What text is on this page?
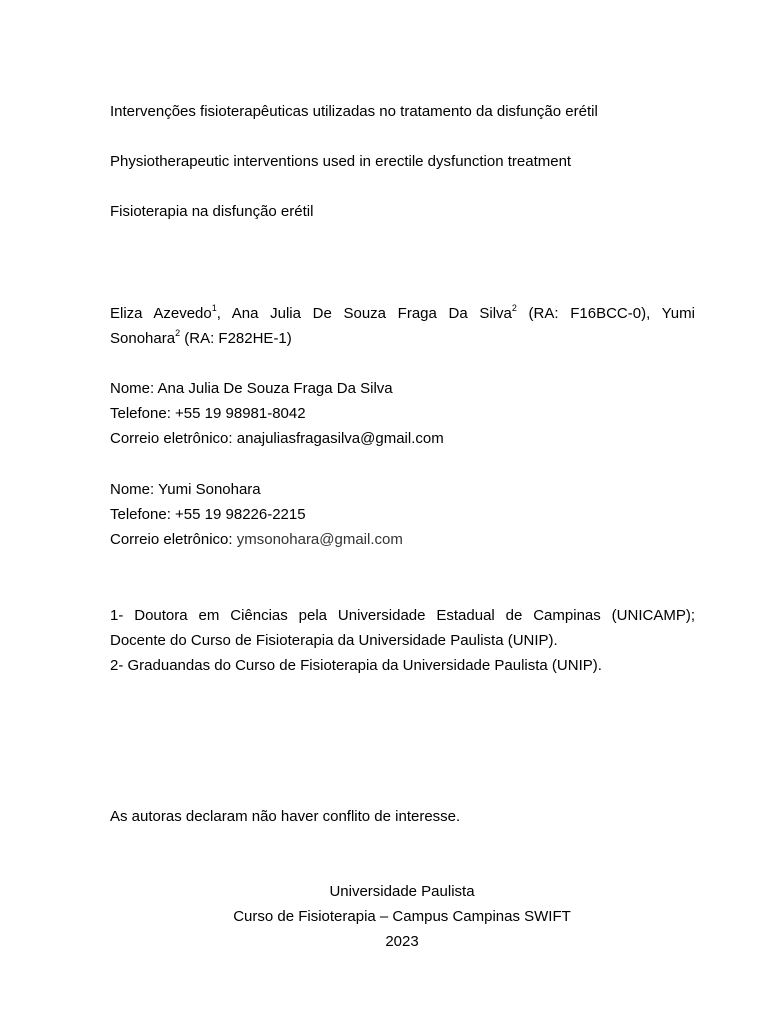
Intervenções fisioterapêuticas utilizadas no tratamento da disfunção erétil
Physiotherapeutic interventions used in erectile dysfunction treatment
Fisioterapia na disfunção erétil
Eliza Azevedo$^1$, Ana Julia De Souza Fraga Da Silva$^2$ (RA: F16BCC-0), Yumi
Sonohara$^2$ (RA: F282HE-1)
Nome: Ana Julia De Souza Fraga Da Silva
Telefone: +55 19 98981-8042
Correio eletrônico: anajuliasfragasilva@gmail.com
Nome: Yumi Sonohara
Telefone: +55 19 98226-2215
Correio eletrônico: ymsonohara@gmail.com
1- Doutora em Ciências pela Universidade Estadual de Campinas (UNICAMP);
Docente do Curso de Fisioterapia da Universidade Paulista (UNIP).
2- Graduandas do Curso de Fisioterapia da Universidade Paulista (UNIP).
As autoras declaram não haver conflito de interesse.
Universidade Paulista
Curso de Fisioterapia – Campus Campinas SWIFT
2023
